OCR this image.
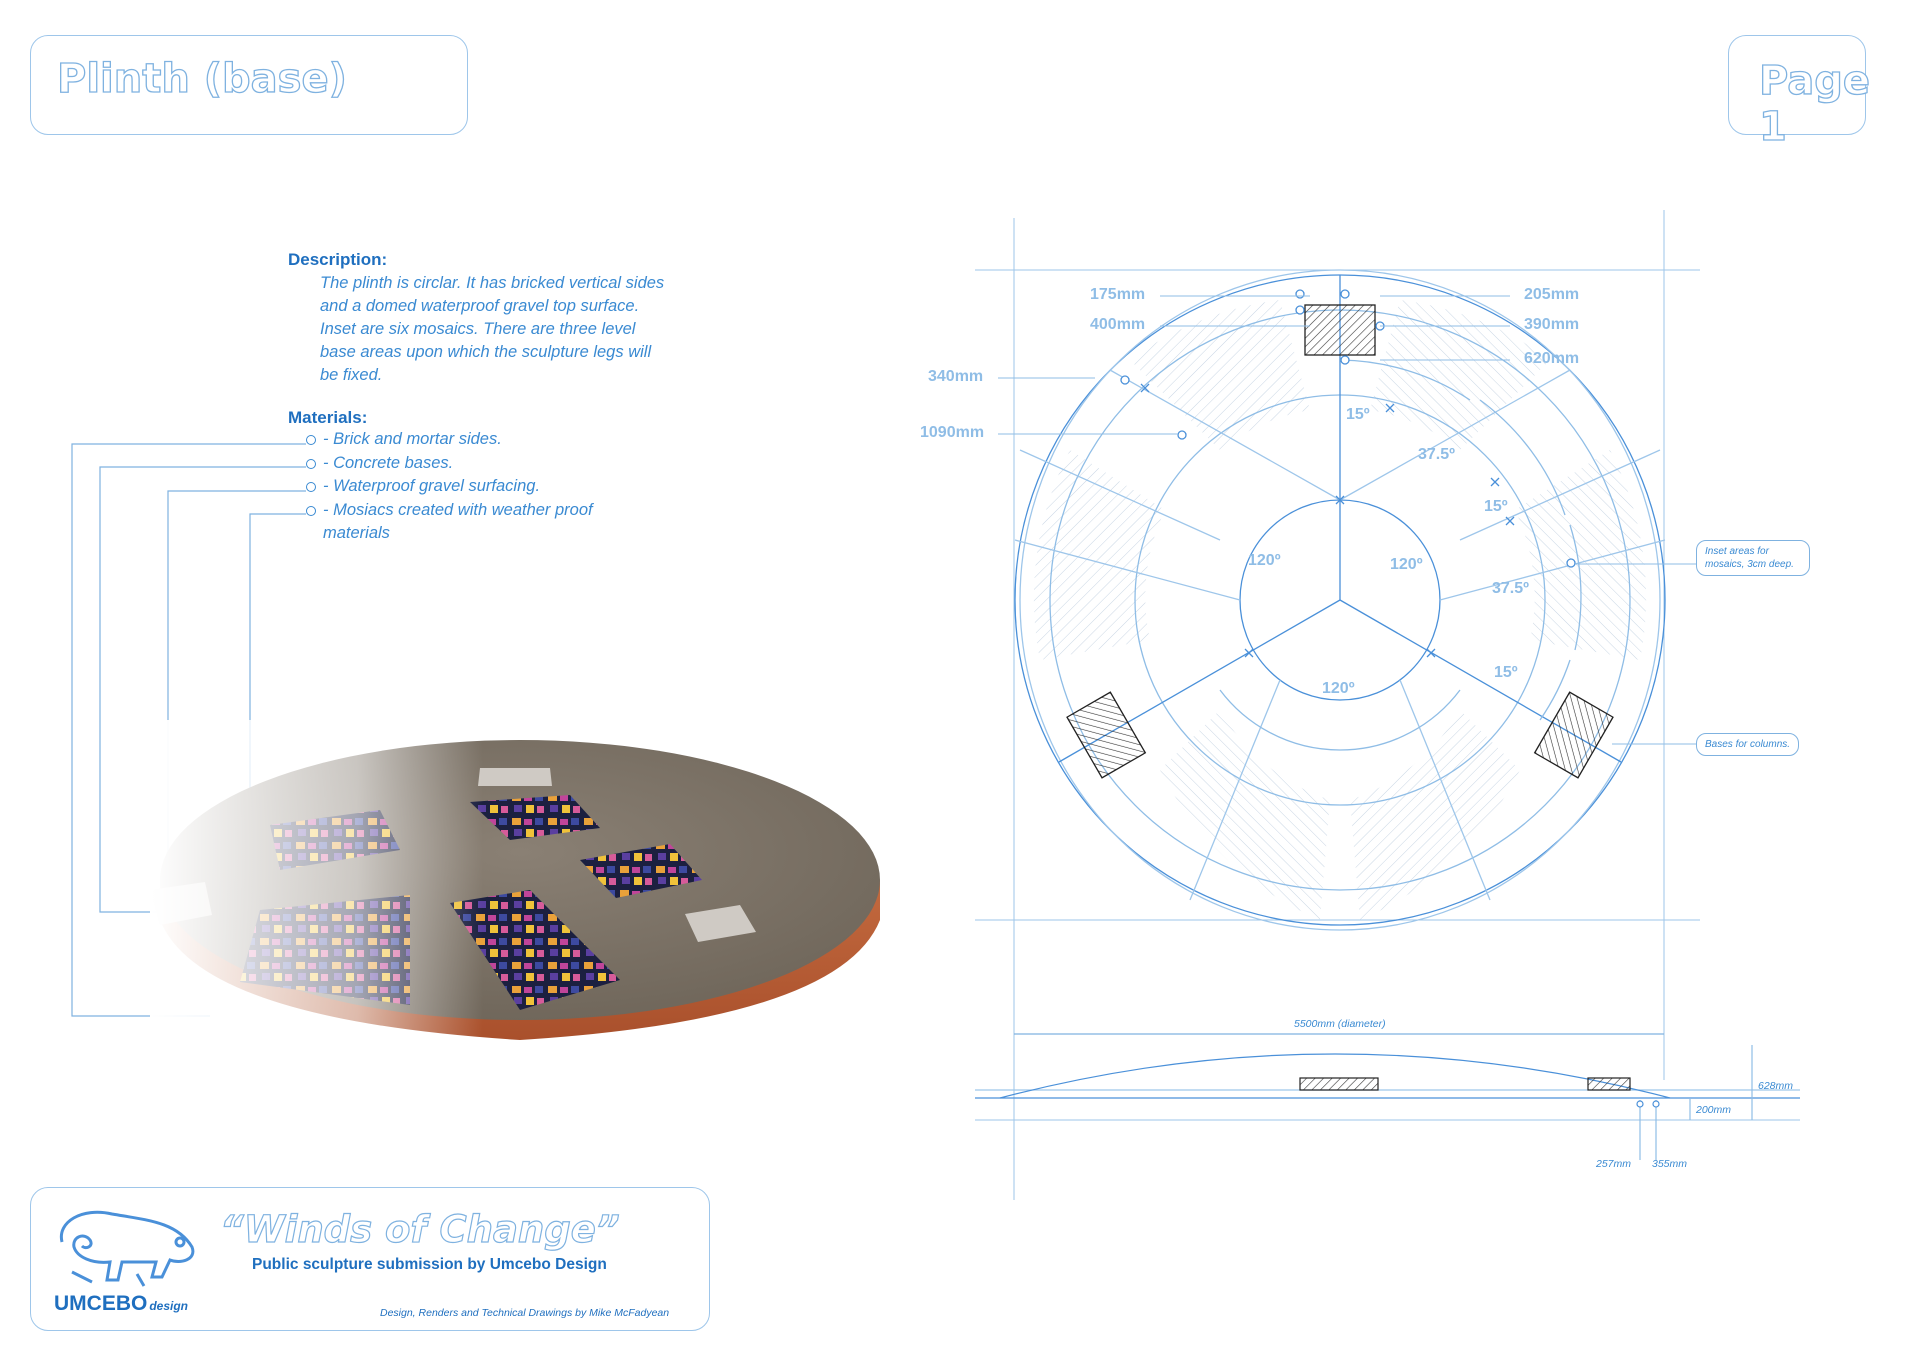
Plinth (base)	Page 1
Description:
The plinth is circlar. It has bricked vertical sides and a domed waterproof gravel top surface. Inset are six mosaics. There are three level base areas upon which the sculpture legs will be fixed.
Materials:
- Brick and mortar sides.
- Concrete bases.
- Waterproof gravel surfacing.
- Mosiacs created with weather proof materials
175mm
400mm
340mm
1090mm
205mm
390mm
620mm
15º
37.5º
15º
120º	120º
37.5º
15º
120º
Inset areas for mosaics, 3cm deep.
Bases for columns.
5500mm (diameter)
628mm
200mm
257mm 355mm
UMCEBO design
“Winds of Change”
Public sculpture submission by Umcebo Design
Design, Renders and Technical Drawings by Mike McFadyean
